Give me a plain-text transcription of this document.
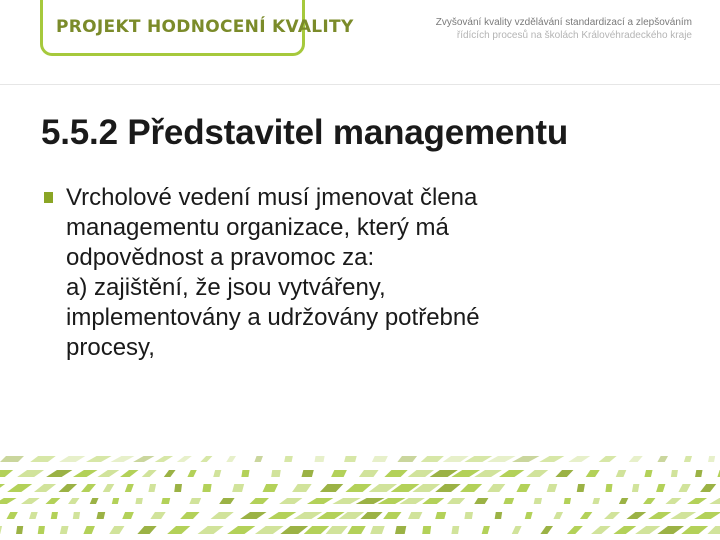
PROJEKT HODNOCENÍ KVALITY	Zvyšování kvality vzdělávání standardizací a zlepšováním
řídících procesů na školách Královéhradeckého kraje
5.5.2 Představitel managementu
Vrcholové vedení musí jmenovat člena
managementu organizace, který má
odpovědnost a pravomoc za:
a) zajištění, že jsou vytvářeny,
implementovány a udržovány potřebné
procesy,
